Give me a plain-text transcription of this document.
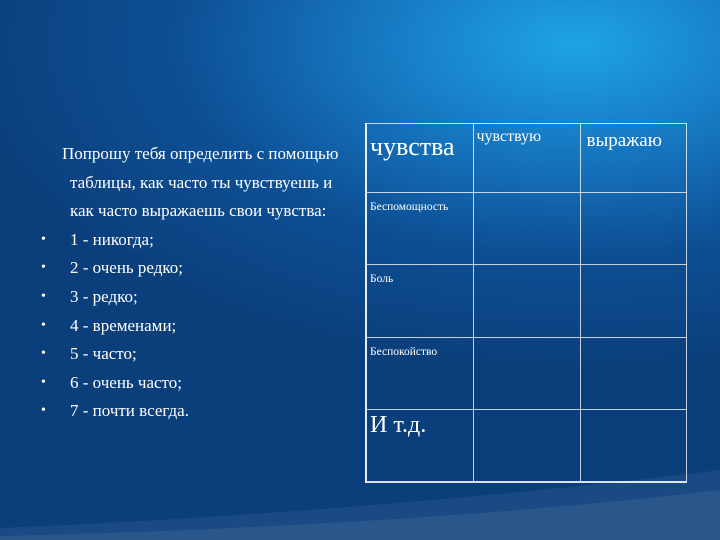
Попрошу тебя определить с помощью таблицы, как часто ты чувствуешь и как часто выражаешь свои чувства:

• 1 - никогда;
• 2 - очень редко;
• 3 - редко;
• 4 - временами;
• 5 - часто;
• 6 - очень часто;
• 7 - почти всегда.
чувства	чувствую	выражаю

Беспомощность		

Боль		

Беспокойство		

И т.д.		
